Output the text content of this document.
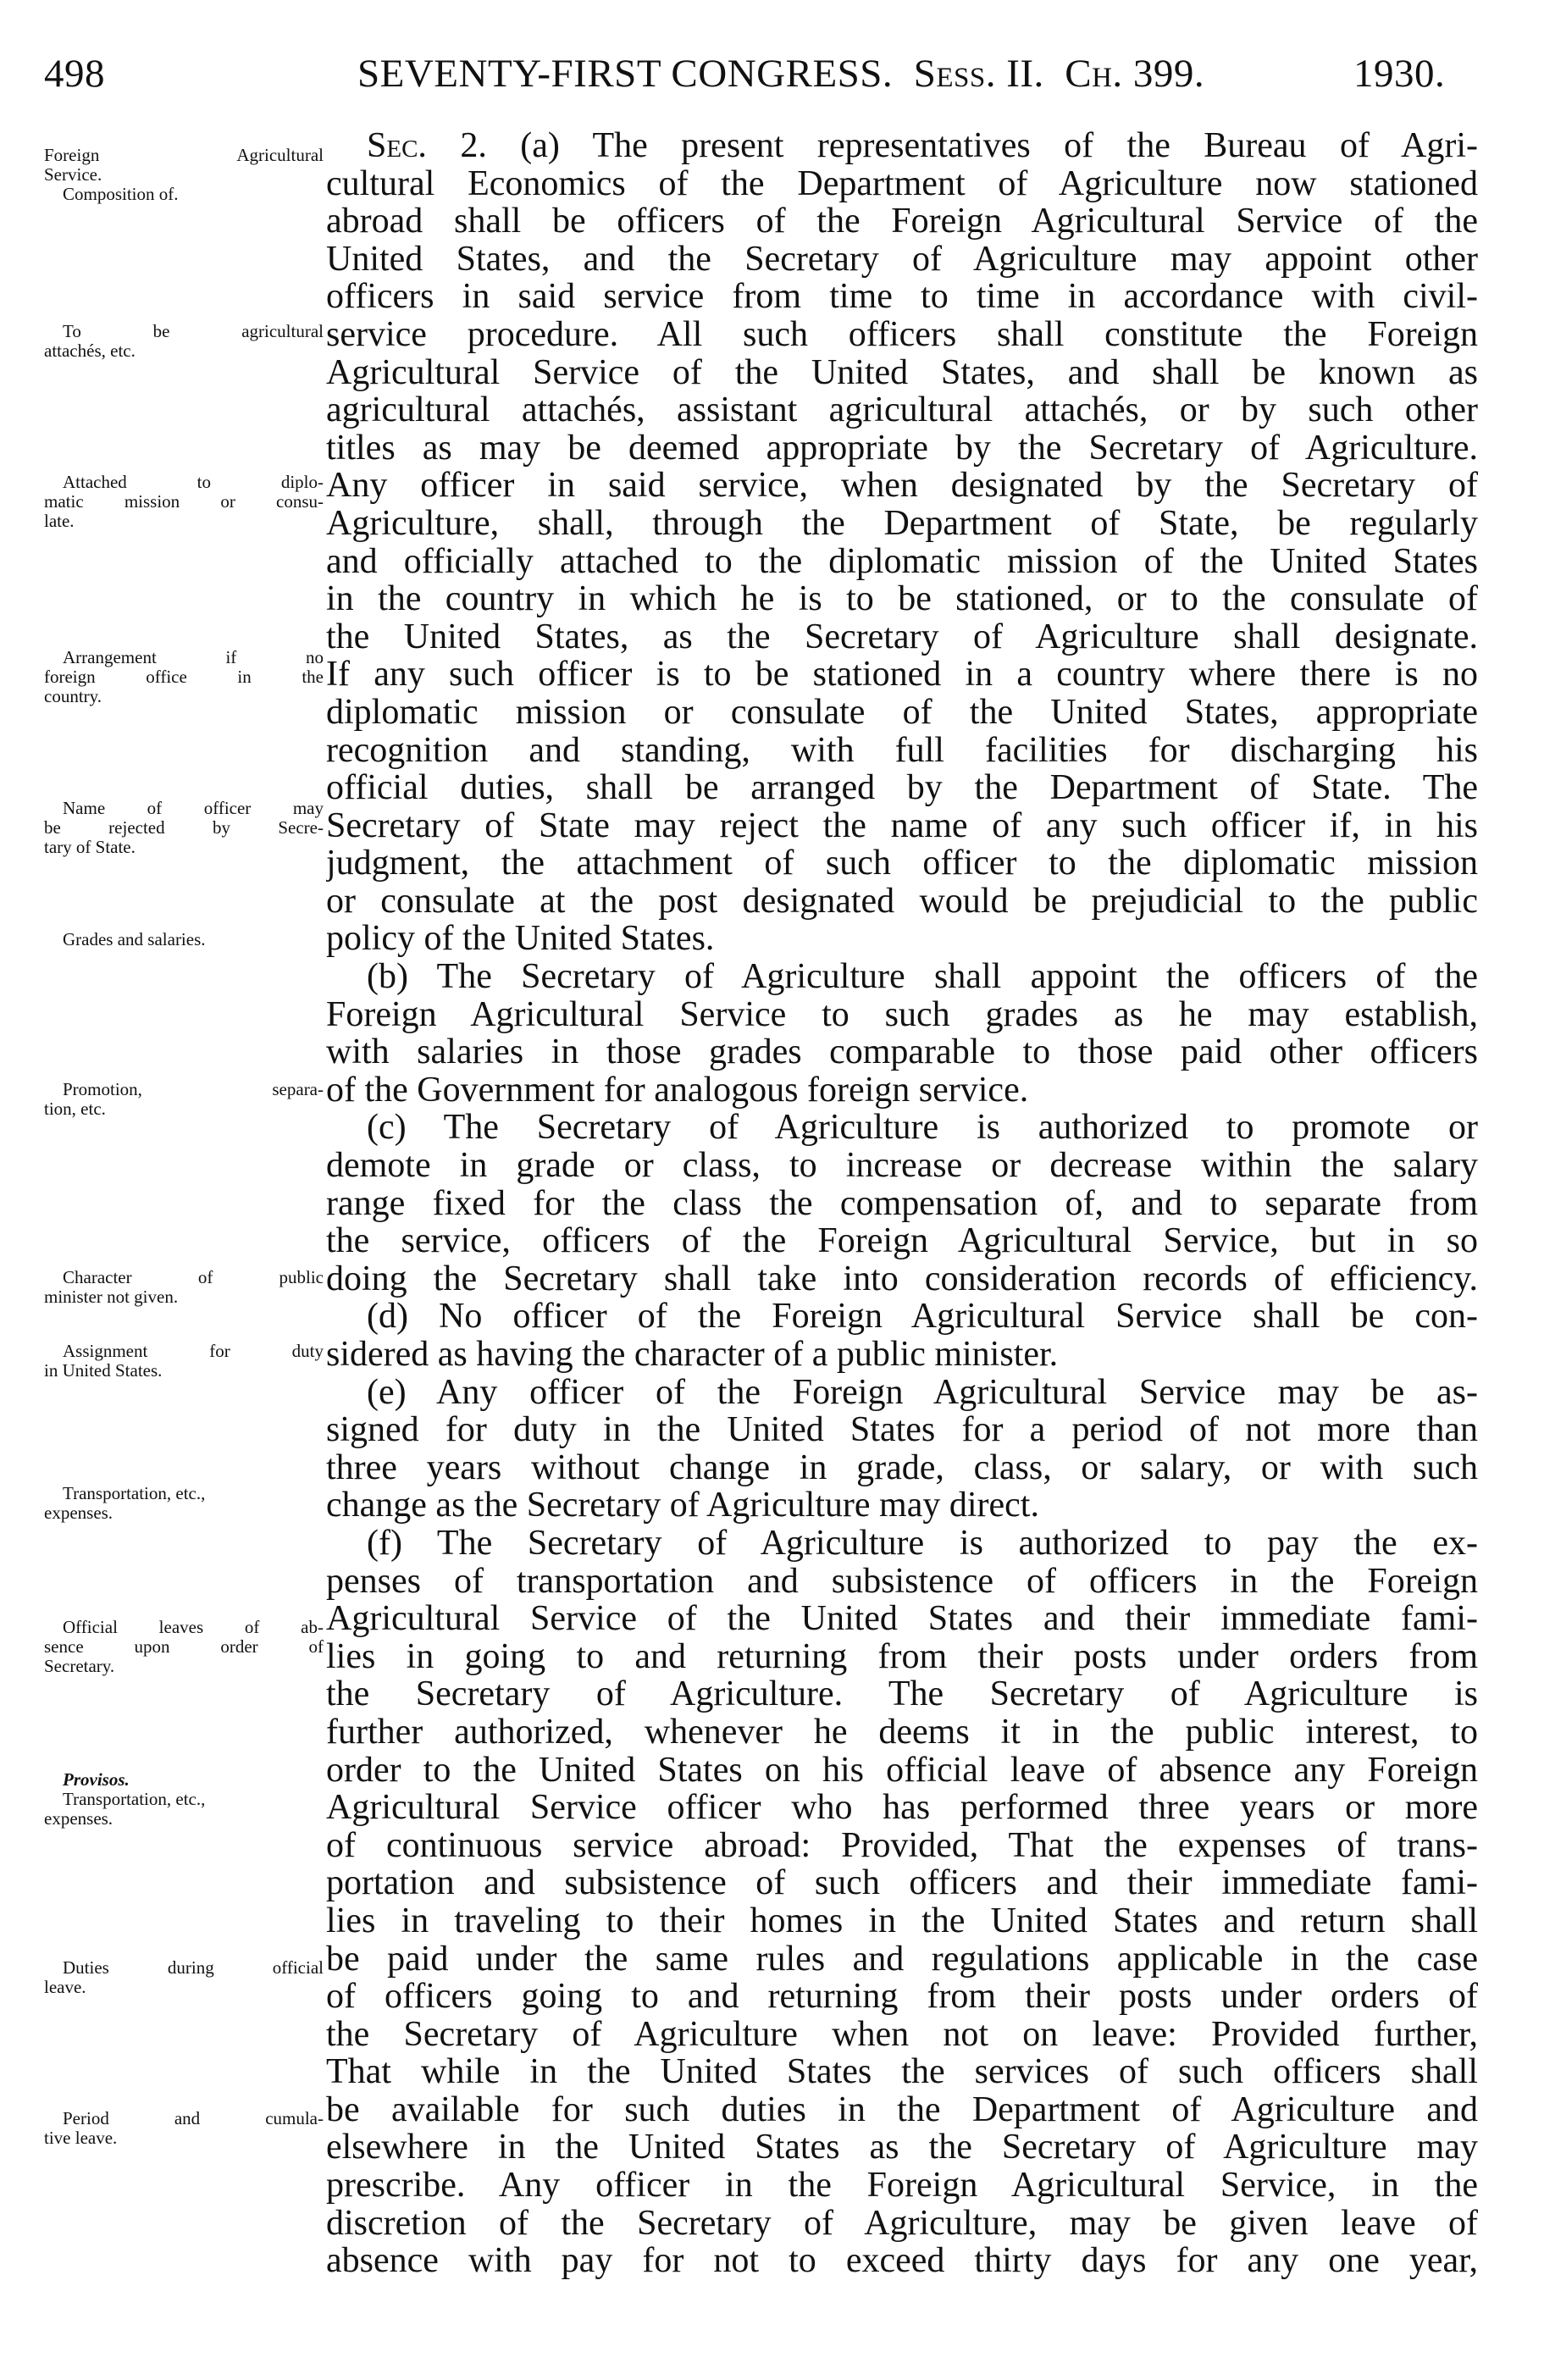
498	SEVENTY-FIRST CONGRESS. Sess. II. Ch. 399.	1930.
Foreign Agricultural
Service.
Composition of.
To be agricultural
attachés, etc.
Attached to diplo-
matic mission or consu-
late.
Arrangement if no
foreign office in the
country.
Name of officer may
be rejected by Secre-
tary of State.
Grades and salaries.
Promotion, separa-
tion, etc.
Character of public
minister not given.
Assignment for duty
in United States.
Transportation, etc.,
expenses.
Official leaves of ab-
sence upon order of
Secretary.
Provisos.
Transportation, etc.,
expenses.
Duties during official
leave.
Period and cumula-
tive leave.
Sec. 2. (a) The present representatives of the Bureau of Agri-
cultural Economics of the Department of Agriculture now stationed
abroad shall be officers of the Foreign Agricultural Service of the
United States, and the Secretary of Agriculture may appoint other
officers in said service from time to time in accordance with civil-
service procedure. All such officers shall constitute the Foreign
Agricultural Service of the United States, and shall be known as
agricultural attachés, assistant agricultural attachés, or by such other
titles as may be deemed appropriate by the Secretary of Agriculture.
Any officer in said service, when designated by the Secretary of
Agriculture, shall, through the Department of State, be regularly
and officially attached to the diplomatic mission of the United States
in the country in which he is to be stationed, or to the consulate of
the United States, as the Secretary of Agriculture shall designate.
If any such officer is to be stationed in a country where there is no
diplomatic mission or consulate of the United States, appropriate
recognition and standing, with full facilities for discharging his
official duties, shall be arranged by the Department of State. The
Secretary of State may reject the name of any such officer if, in his
judgment, the attachment of such officer to the diplomatic mission
or consulate at the post designated would be prejudicial to the public
policy of the United States.
(b) The Secretary of Agriculture shall appoint the officers of the
Foreign Agricultural Service to such grades as he may establish,
with salaries in those grades comparable to those paid other officers
of the Government for analogous foreign service.
(c) The Secretary of Agriculture is authorized to promote or
demote in grade or class, to increase or decrease within the salary
range fixed for the class the compensation of, and to separate from
the service, officers of the Foreign Agricultural Service, but in so
doing the Secretary shall take into consideration records of efficiency.
(d) No officer of the Foreign Agricultural Service shall be con-
sidered as having the character of a public minister.
(e) Any officer of the Foreign Agricultural Service may be as-
signed for duty in the United States for a period of not more than
three years without change in grade, class, or salary, or with such
change as the Secretary of Agriculture may direct.
(f) The Secretary of Agriculture is authorized to pay the ex-
penses of transportation and subsistence of officers in the Foreign
Agricultural Service of the United States and their immediate fami-
lies in going to and returning from their posts under orders from
the Secretary of Agriculture. The Secretary of Agriculture is
further authorized, whenever he deems it in the public interest, to
order to the United States on his official leave of absence any Foreign
Agricultural Service officer who has performed three years or more
of continuous service abroad: Provided, That the expenses of trans-
portation and subsistence of such officers and their immediate fami-
lies in traveling to their homes in the United States and return shall
be paid under the same rules and regulations applicable in the case
of officers going to and returning from their posts under orders of
the Secretary of Agriculture when not on leave: Provided further,
That while in the United States the services of such officers shall
be available for such duties in the Department of Agriculture and
elsewhere in the United States as the Secretary of Agriculture may
prescribe. Any officer in the Foreign Agricultural Service, in the
discretion of the Secretary of Agriculture, may be given leave of
absence with pay for not to exceed thirty days for any one year,
